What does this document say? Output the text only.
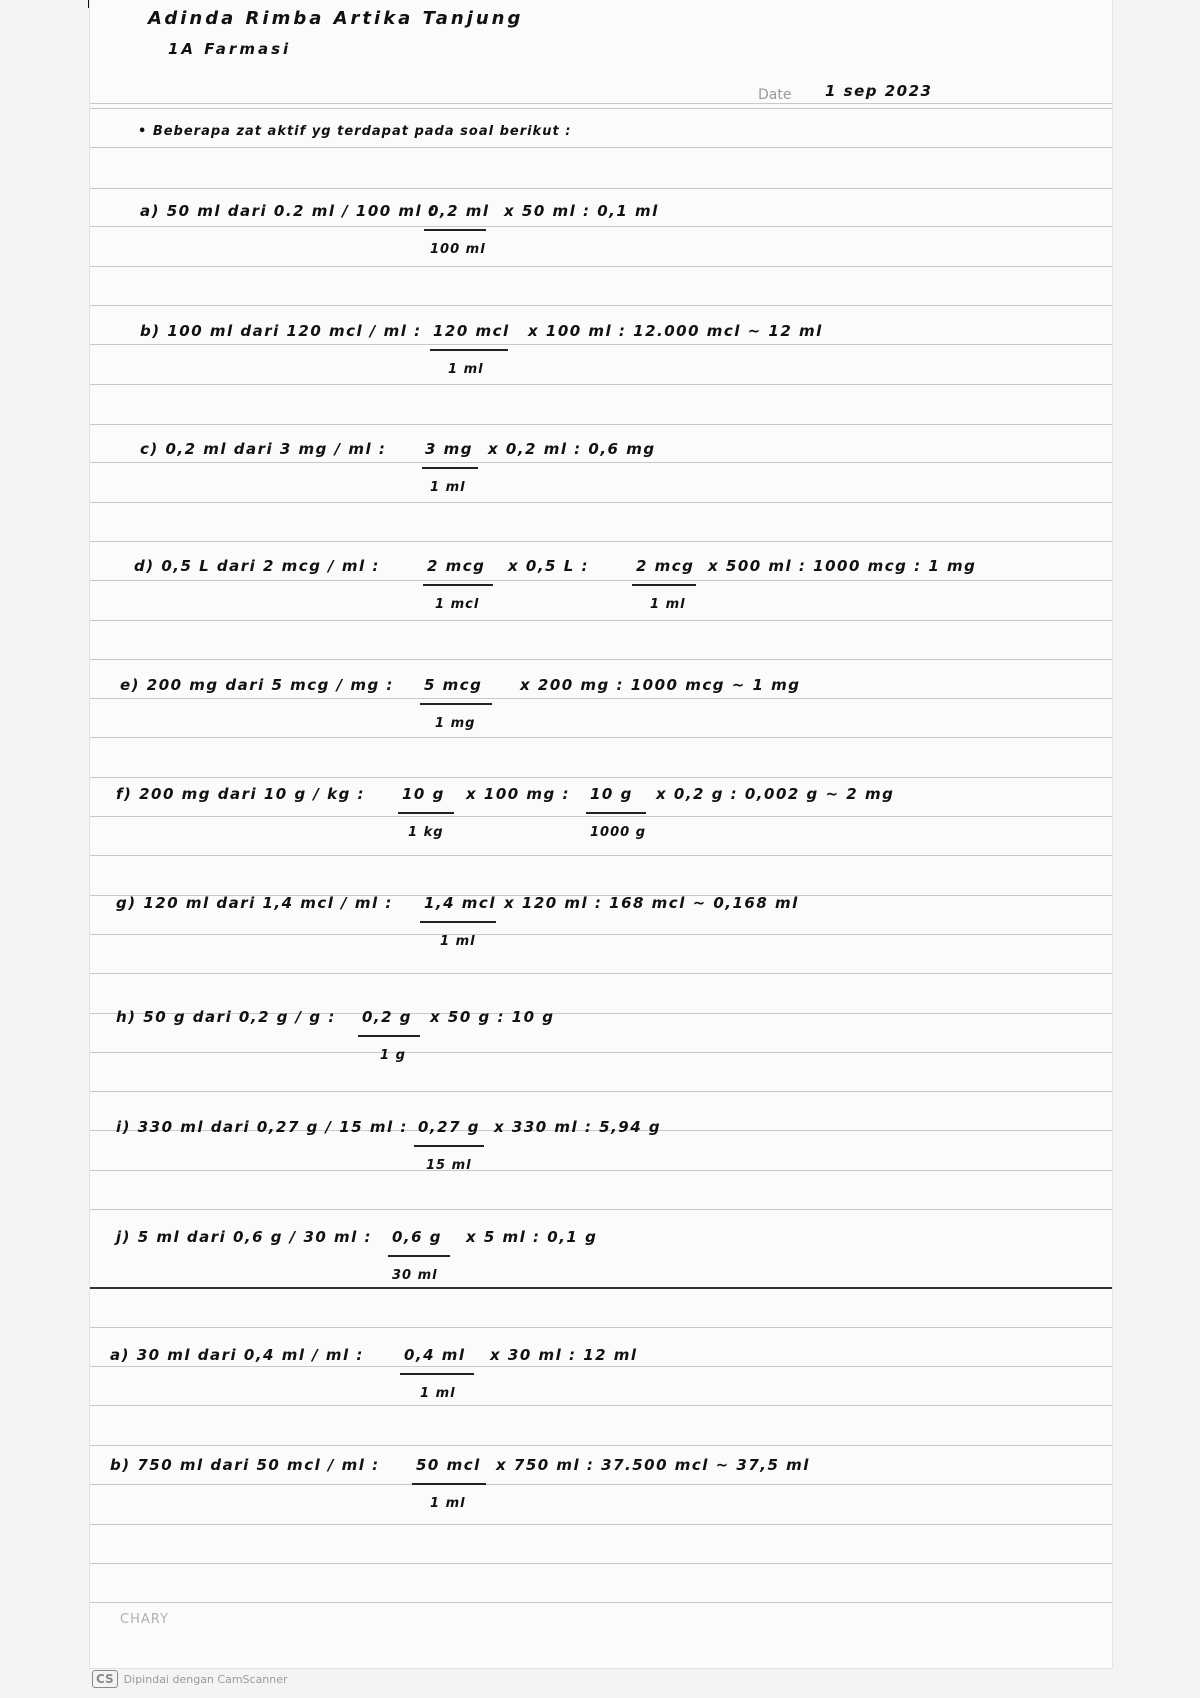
Adinda Rimba Artika Tanjung
1A Farmasi
Date 1 sep 2023
• Beberapa zat aktif yg terdapat pada soal berikut :
a) 50 ml dari 0.2 ml / 100 ml :
0,2 ml
100 ml
x 50 ml : 0,1 ml
b) 100 ml dari 120 mcl / ml : 120 mcl
1 ml
x 100 ml : 12.000 mcl ~ 12 ml
c) 0,2 ml dari 3 mg / ml :	3 mg
1 ml
x 0,2 ml : 0,6 mg
d) 0,5 L dari 2 mcg / ml :	2 mcg
1 mcl
x 0,5 L :	2 mcg
1 ml
x 500 ml : 1000 mcg : 1 mg
e) 200 mg dari 5 mcg / mg : 5 mcg
1 mg
x 200 mg : 1000 mcg ~ 1 mg
f) 200 mg dari 10 g / kg : 10 g
1 kg
x 100 mg : 10 g
1000 g
x 0,2 g : 0,002 g ~ 2 mg
g) 120 ml dari 1,4 mcl / ml : 1,4 mcl
1 ml
x 120 ml : 168 mcl ~ 0,168 ml
h) 50 g dari 0,2 g / g : 0,2 g
1 g
x 50 g : 10 g
i) 330 ml dari 0,27 g / 15 ml : 0,27 g
15 ml
x 330 ml : 5,94 g
j) 5 ml dari 0,6 g / 30 ml : 0,6 g
30 ml
x 5 ml : 0,1 g
a) 30 ml dari 0,4 ml / ml :	0,4 ml
1 ml
x 30 ml : 12 ml
b) 750 ml dari 50 mcl / ml : 50 mcl
1 ml
x 750 ml : 37.500 mcl ~ 37,5 ml
CHARY
CS Dipindai dengan CamScanner
